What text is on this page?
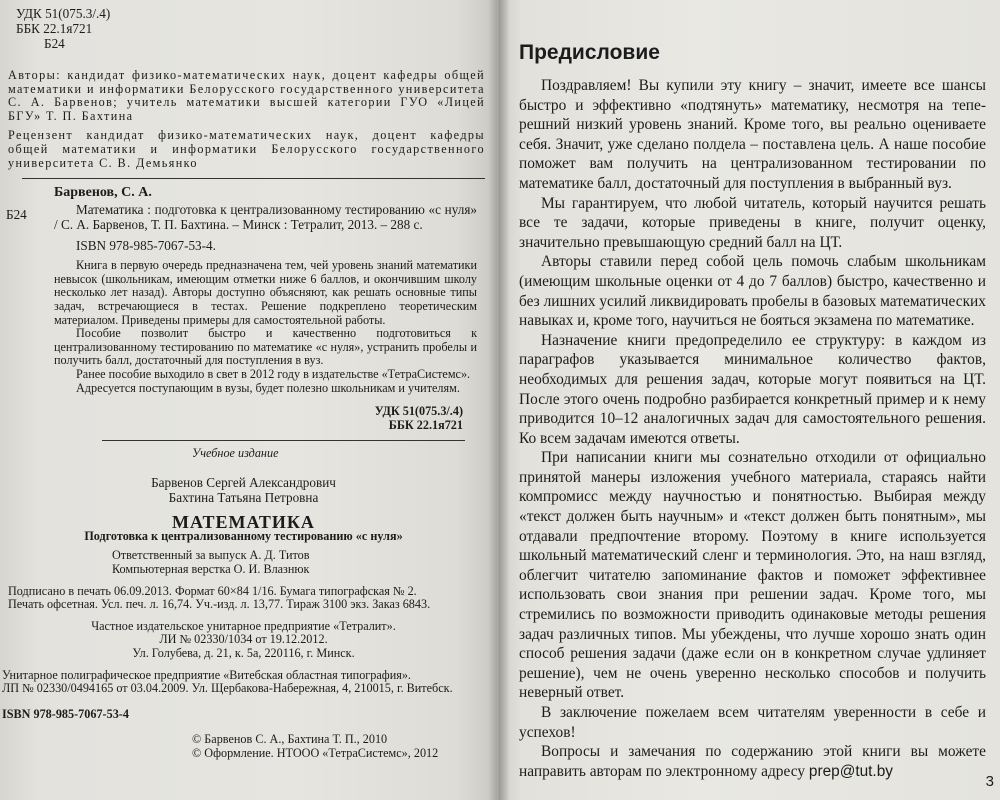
УДК 51(075.3/.4)

ББК 22.1я721

Б24

Авторы: кандидат физико-математических наук, доцент кафедры общей математики и информатики Белорусского государственного университета С. А. Барвенов; учитель математики высшей категории ГУО «Лицей БГУ» Т. П. Бахтина

Рецензент кандидат физико-математических наук, доцент кафедры общей математики и информатики Белорусского государственного университета С. В. Демьянко

Б24

Барвенов, С. А.

Математика : подготовка к централизованному тестированию «с нуля» / С. А. Барвенов, Т. П. Бахтина. – Минск : Тетралит, 2013. – 288 с.

ISBN 978-985-7067-53-4.

Книга в первую очередь предназначена тем, чей уровень знаний математики невысок (школьникам, имеющим отметки ниже 6 баллов, и окончившим школу несколько лет назад). Авторы доступно объясняют, как решать основные типы задач, встречающиеся в тестах. Решение подкреплено теоретическим материалом. Приведены примеры для самостоятельной работы.

Пособие позволит быстро и качественно подготовиться к централизованному тестированию по математике «с нуля», устранить пробелы и получить балл, достаточный для поступления в вуз.

Ранее пособие выходило в свет в 2012 году в издательстве «ТетраСистемс».

Адресуется поступающим в вузы, будет полезно школьникам и учителям.

УДК 51(075.3/.4)

ББК 22.1я721

Учебное издание

Барвенов Сергей Александрович

Бахтина Татьяна Петровна

МАТЕМАТИКА

Подготовка к централизованному тестированию «с нуля»

Ответственный за выпуск А. Д. Титов

Компьютерная верстка О. И. Влазнюк

Подписано в печать 06.09.2013. Формат 60×84 1/16. Бумага типографская № 2.

Печать офсетная. Усл. печ. л. 16,74. Уч.-изд. л. 13,77. Тираж 3100 экз. Заказ 6843.

Частное издательское унитарное предприятие «Тетралит».

ЛИ № 02330/1034 от 19.12.2012.

Ул. Голубева, д. 21, к. 5а, 220116, г. Минск.

Унитарное полиграфическое предприятие «Витебская областная типография».

ЛП № 02330/0494165 от 03.04.2009. Ул. Щербакова-Набережная, 4, 210015, г. Витебск.

ISBN 978-985-7067-53-4

© Барвенов С. А., Бахтина Т. П., 2010

© Оформление. НТООО «ТетраСистемс», 2012

Предисловие

Поздравляем! Вы купили эту книгу – значит, имеете все шансы быстро и эффективно «подтянуть» математику, несмотря на тепе-решний низкий уровень знаний. Кроме того, вы реально оцениваете себя. Значит, уже сделано полдела – поставлена цель. А наше пособие поможет вам получить на централизованном тестировании по математике балл, достаточный для поступления в выбранный вуз.

Мы гарантируем, что любой читатель, который научится решать все те задачи, которые приведены в книге, получит оценку, значительно превышающую средний балл на ЦТ.

Авторы ставили перед собой цель помочь слабым школьникам (имеющим школьные оценки от 4 до 7 баллов) быстро, качественно и без лишних усилий ликвидировать пробелы в базовых математических навыках и, кроме того, научиться не бояться экзамена по математике.

Назначение книги предопределило ее структуру: в каждом из параграфов указывается минимальное количество фактов, необходимых для решения задач, которые могут появиться на ЦТ. После этого очень подробно разбирается конкретный пример и к нему приводится 10–12 аналогичных задач для самостоятельного решения. Ко всем задачам имеются ответы.

При написании книги мы сознательно отходили от официально принятой манеры изложения учебного материала, стараясь найти компромисс между научностью и понятностью. Выбирая между «текст должен быть научным» и «текст должен быть понятным», мы отдавали предпочтение второму. Поэтому в книге используется школьный математический сленг и терминология. Это, на наш взгляд, облегчит читателю запоминание фактов и поможет эффективнее использовать свои знания при решении задач. Кроме того, мы стремились по возможности приводить одинаковые методы решения задач различных типов. Мы убеждены, что лучше хорошо знать один способ решения задачи (даже если он в конкретном случае удлиняет решение), чем не очень уверенно несколько способов и получить неверный ответ.

В заключение пожелаем всем читателям уверенности в себе и успехов!

Вопросы и замечания по содержанию этой книги вы можете направить авторам по электронному адресу prep@tut.by

3
